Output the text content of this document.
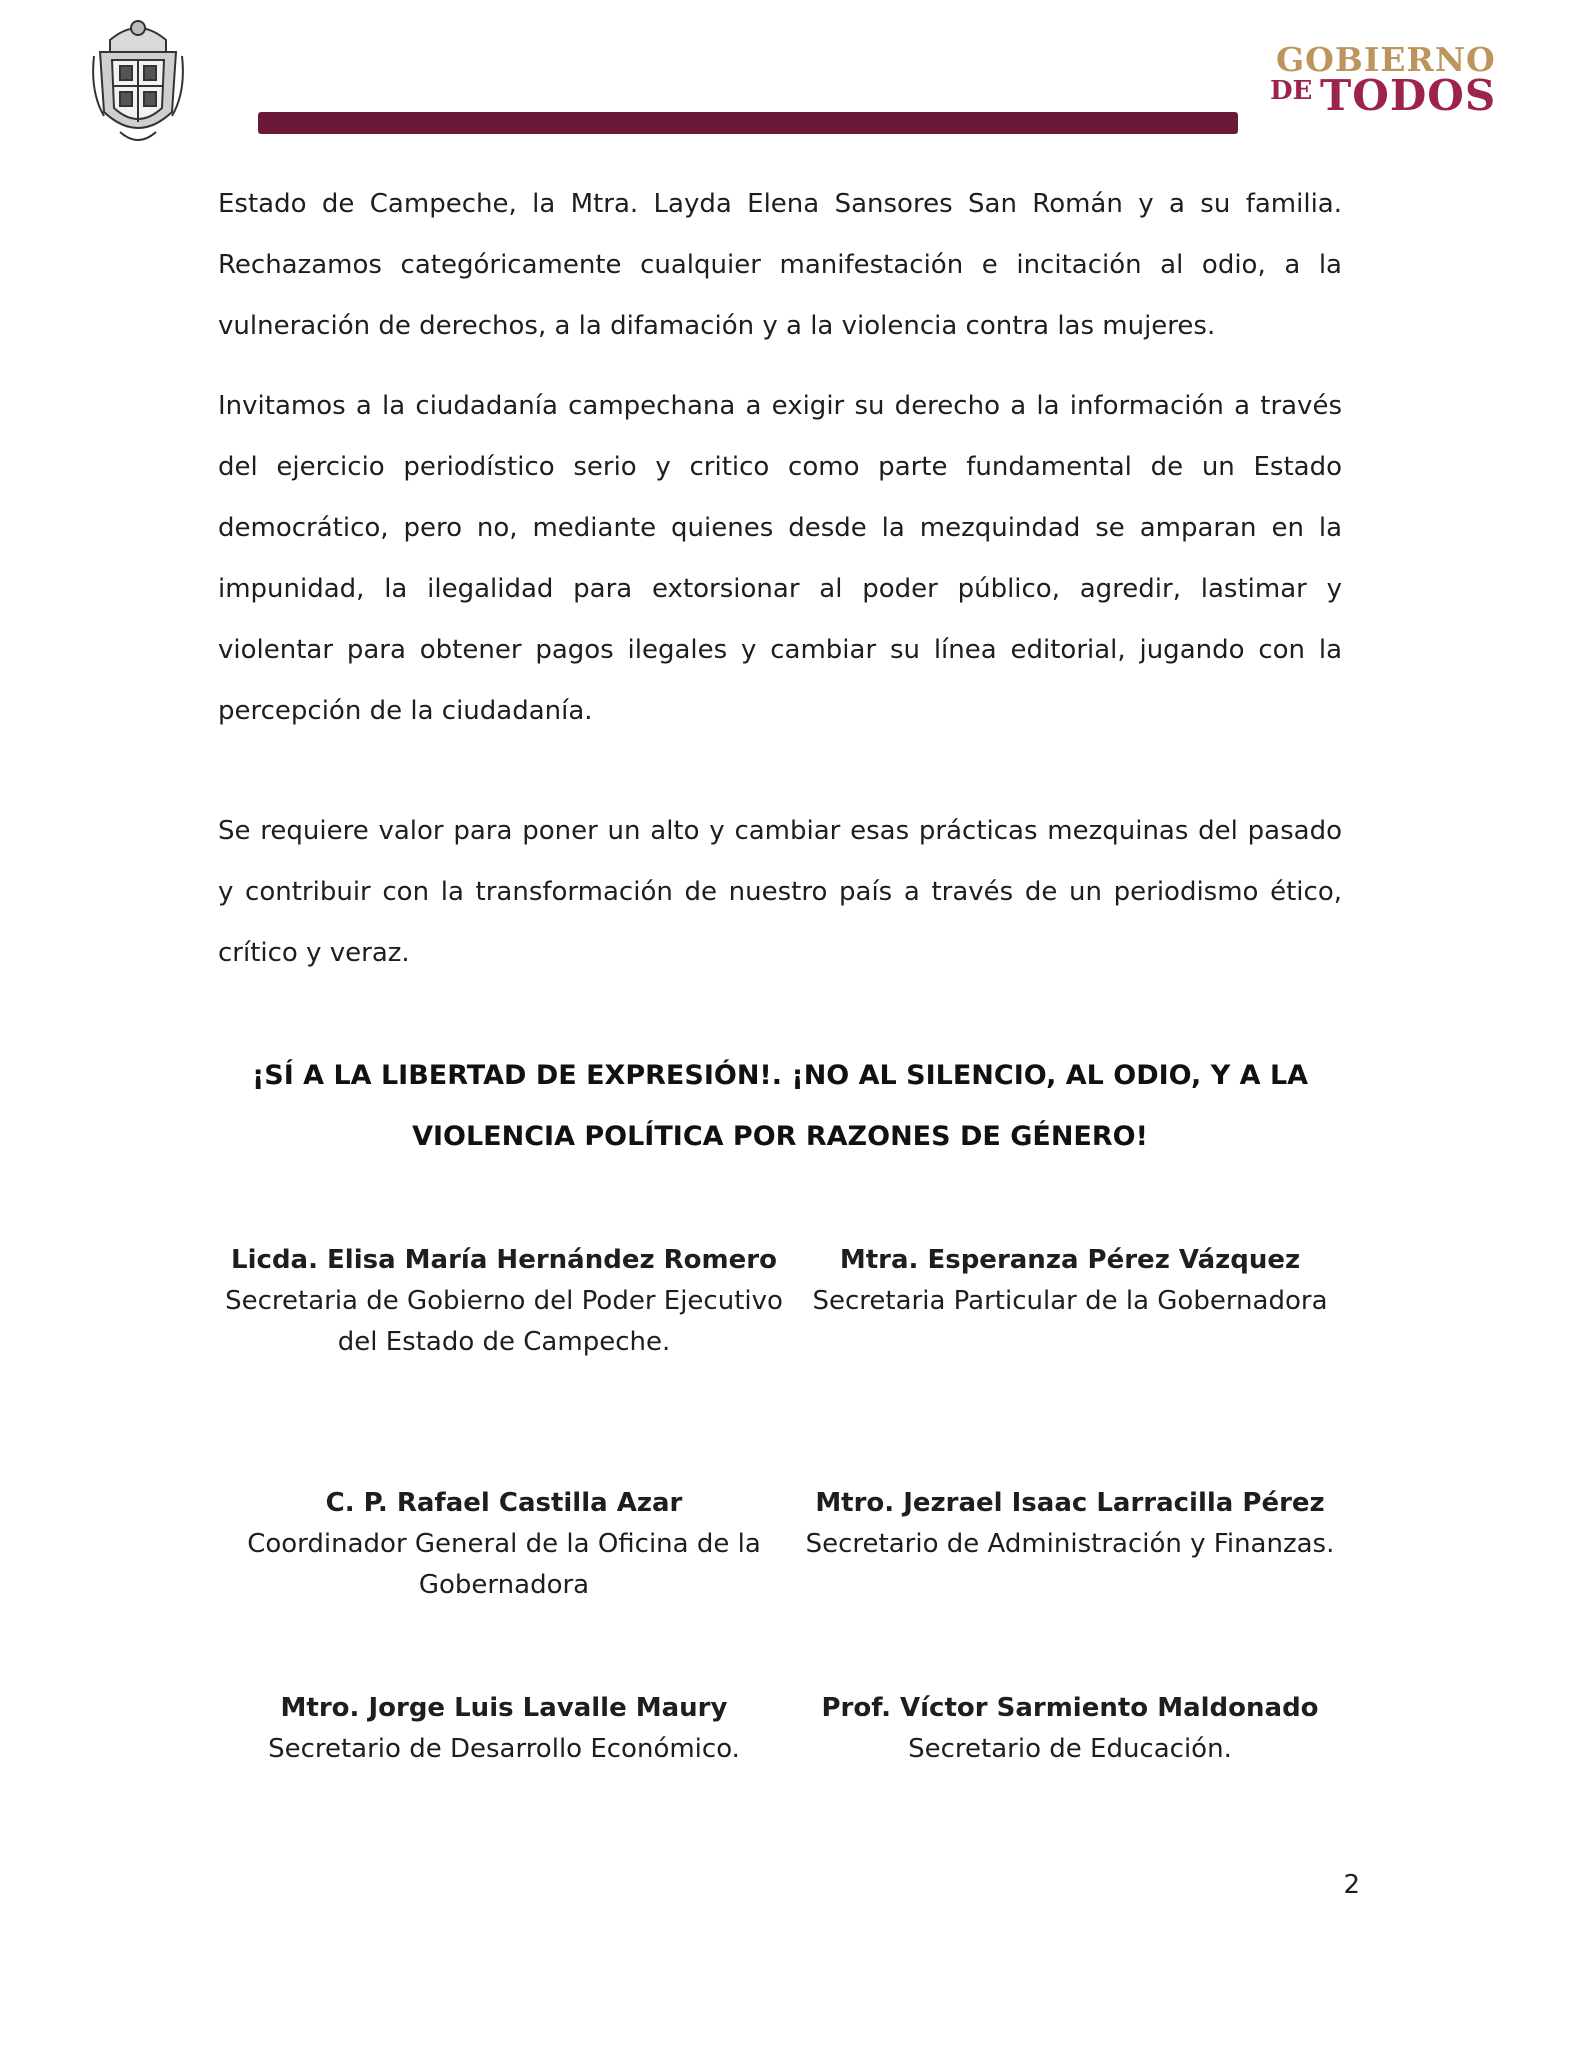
GOBIERNO
DE TODOS

Estado de Campeche, la Mtra. Layda Elena Sansores San Román y a su familia. Rechazamos categóricamente cualquier manifestación e incitación al odio, a la vulneración de derechos, a la difamación y a la violencia contra las mujeres.

Invitamos a la ciudadanía campechana a exigir su derecho a la información a través del ejercicio periodístico serio y critico como parte fundamental de un Estado democrático, pero no, mediante quienes desde la mezquindad se amparan en la impunidad, la ilegalidad para extorsionar al poder público, agredir, lastimar y violentar para obtener pagos ilegales y cambiar su línea editorial, jugando con la percepción de la ciudadanía.

Se requiere valor para poner un alto y cambiar esas prácticas mezquinas del pasado y contribuir con la transformación de nuestro país a través de un periodismo ético, crítico y veraz.

¡SÍ A LA LIBERTAD DE EXPRESIÓN!. ¡NO AL SILENCIO, AL ODIO, Y A LA VIOLENCIA POLÍTICA POR RAZONES DE GÉNERO!

Licda. Elisa María Hernández Romero
Secretaria de Gobierno del Poder Ejecutivo del Estado de Campeche.
Mtra. Esperanza Pérez Vázquez
Secretaria Particular de la Gobernadora
C. P. Rafael Castilla Azar
Coordinador General de la Oficina de la Gobernadora
Mtro. Jezrael Isaac Larracilla Pérez
Secretario de Administración y Finanzas.
Mtro. Jorge Luis Lavalle Maury
Secretario de Desarrollo Económico.
Prof. Víctor Sarmiento Maldonado
Secretario de Educación.
2
